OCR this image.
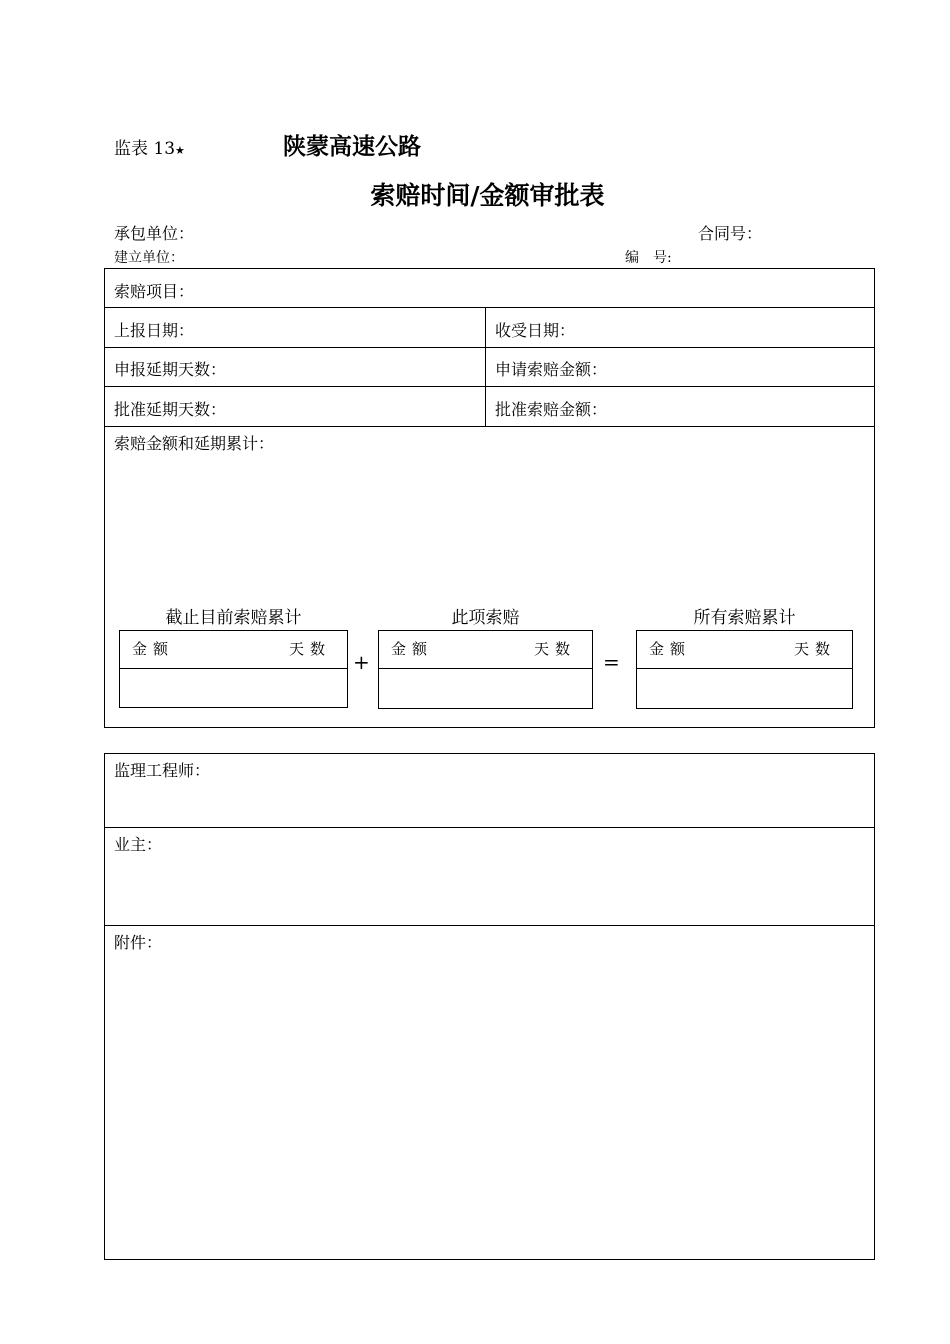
监表 13★	陕蒙高速公路
索赔时间/金额审批表
承包单位：	合同号：
建立单位：	编　号:
索赔项目：
上报日期：	收受日期：
申报延期天数：	申请索赔金额：
批准延期天数：	批准索赔金额：
索赔金额和延期累计：
截止目前索赔累计	此项索赔	所有索赔累计
金额	天数
+
金额	天数
=
金额	天数
监理工程师：
业主：
附件：
